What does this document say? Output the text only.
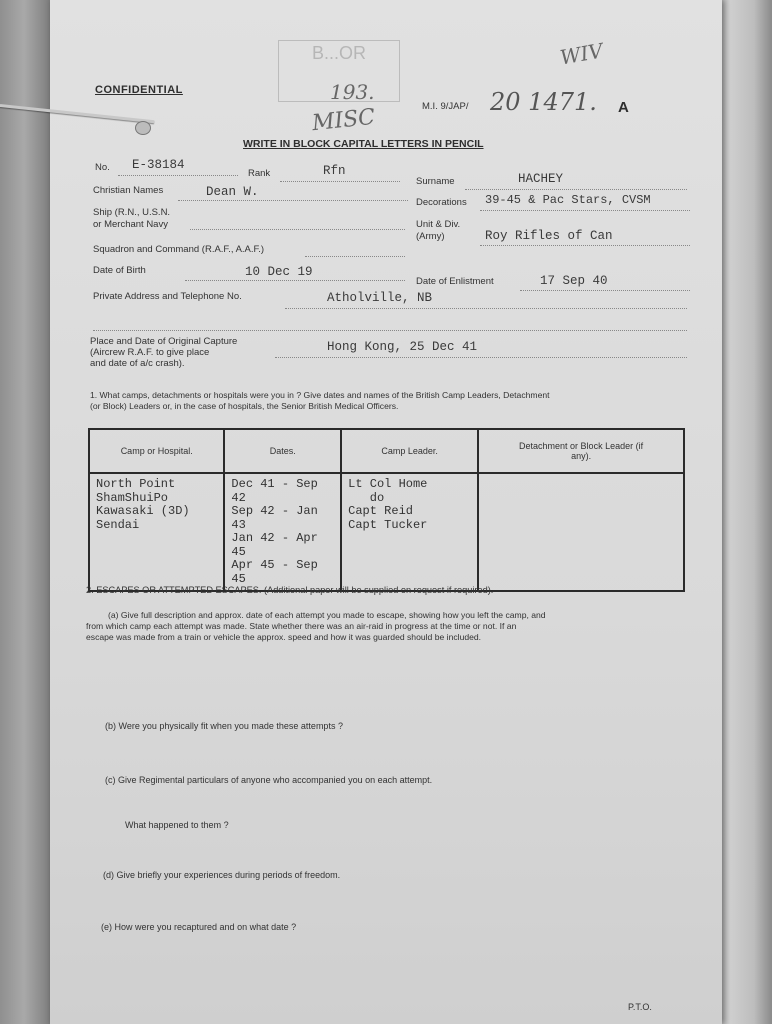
B...OR
CONFIDENTIAL	193.
MISC
WIV
M.I. 9/JAP/ 20 1471. A
WRITE IN BLOCK CAPITAL LETTERS IN PENCIL
No. E-38184
Rank	Rfn
Surname	HACHEY
Christian Names	Dean W.
Ship (R.N., U.S.N.
or Merchant Navy
Decorations 39-45 & Pac Stars, CVSM
Unit & Div.
(Army)	Roy Rifles of Can
Squadron and Command (R.A.F., A.A.F.)
Date of Birth	10 Dec 19
Date of Enlistment	17 Sep 40
Private Address and Telephone No.	Atholville, NB
Place and Date of Original Capture
(Aircrew R.A.F. to give place
and date of a/c crash).
Hong Kong, 25 Dec 41
1. What camps, detachments or hospitals were you in ? Give dates and names of the British Camp Leaders, Detachment
(or Block) Leaders or, in the case of hospitals, the Senior British Medical Officers.
Camp or Hospital.	Dates.	Camp Leader.	Detachment or Block Leader (if any).

North Point
ShamShuiPo
Kawasaki (3D)
Sendai	Dec 41 - Sep 42
Sep 42 - Jan 43
Jan 42 - Apr 45
Apr 45 - Sep 45	Lt Col Home
do
Capt Reid
Capt Tucker	

2. ESCAPES OR ATTEMPTED ESCAPES. (Additional paper will be supplied on request if required).
(a) Give full description and approx. date of each attempt you made to escape, showing how you left the camp, and
from which camp each attempt was made. State whether there was an air-raid in progress at the time or not. If an
escape was made from a train or vehicle the approx. speed and how it was guarded should be included.
(b) Were you physically fit when you made these attempts ?
(c) Give Regimental particulars of anyone who accompanied you on each attempt.
What happened to them ?
(d) Give briefly your experiences during periods of freedom.
(e) How were you recaptured and on what date ?
P.T.O.
